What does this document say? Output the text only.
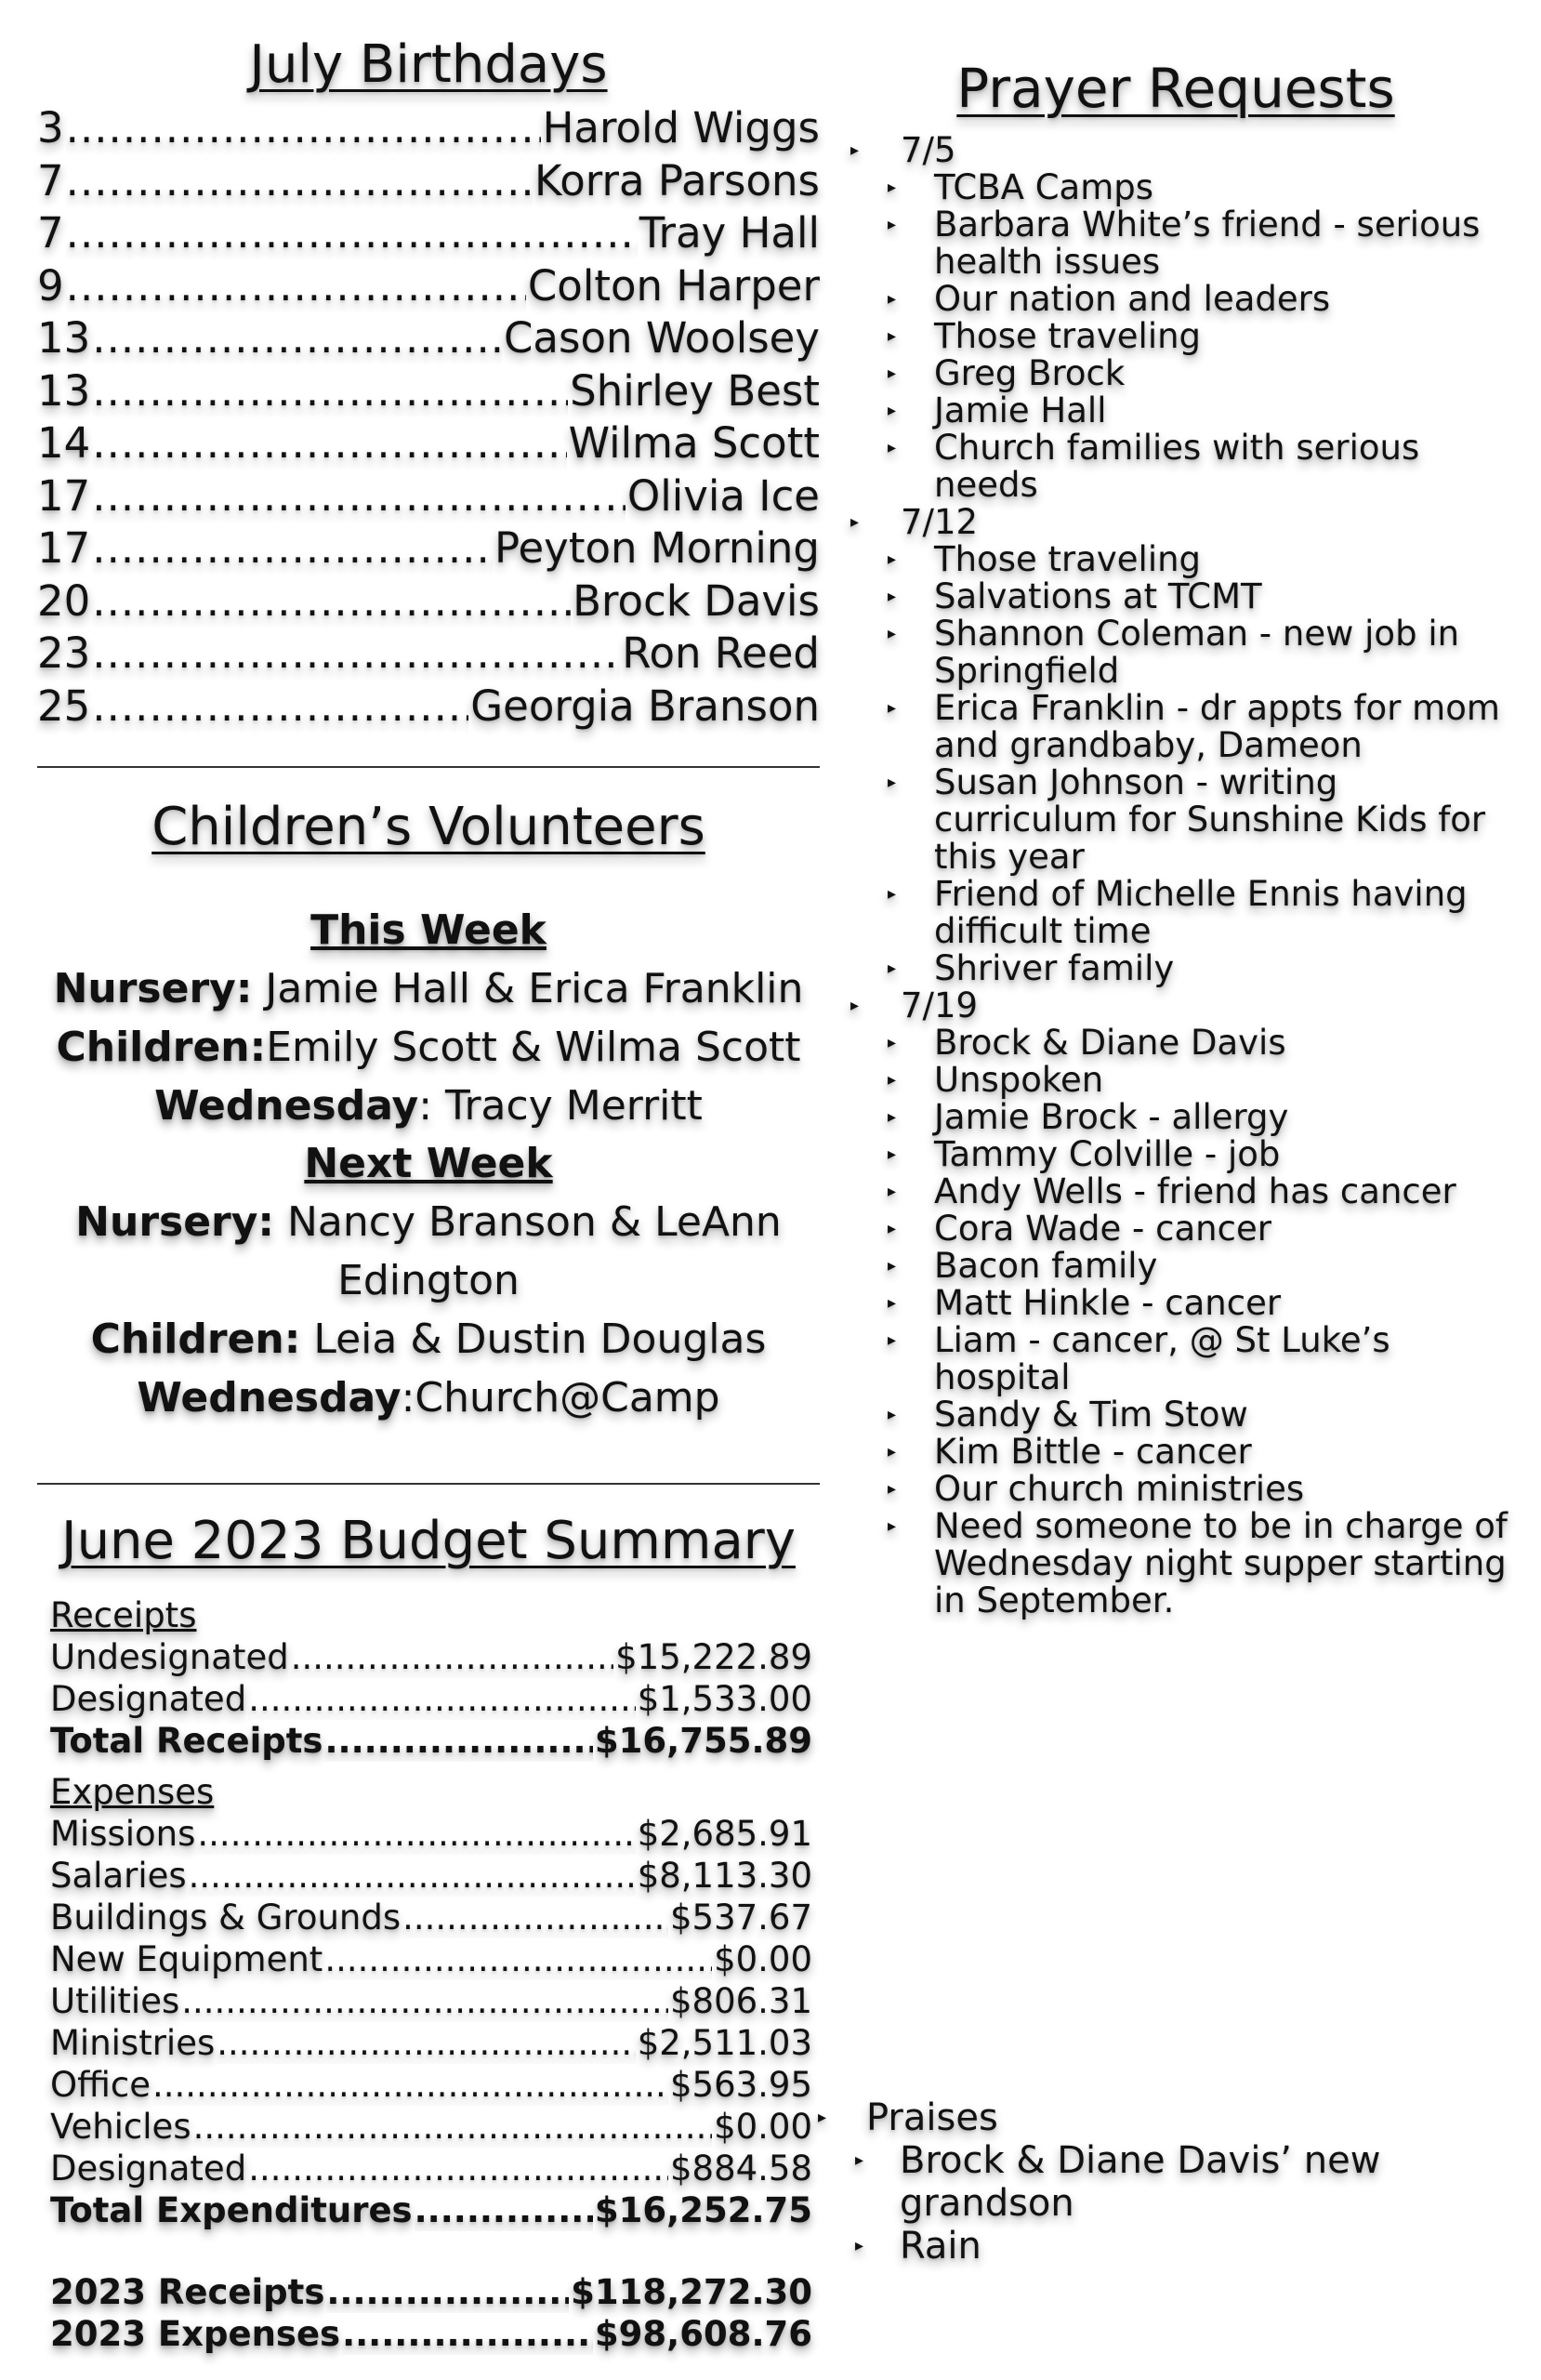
July Birthdays
3 .....	Harold Wiggs
7 .....	Korra Parsons
7 .....	Tray Hall
9 .....	Colton Harper
13 .....	Cason Woolsey
13 .....	Shirley Best
14 .....	Wilma Scott
17 .....	Olivia Ice
17 .....	Peyton Morning
20 .....	Brock Davis
23 .....	Ron Reed
25 .....	Georgia Branson
Children’s Volunteers
This Week
Nursery: Jamie Hall & Erica Franklin
Children:Emily Scott & Wilma Scott
Wednesday: Tracy Merritt
Next Week
Nursery: Nancy Branson & LeAnn
Edington
Children: Leia & Dustin Douglas
Wednesday:Church@Camp
June 2023 Budget Summary
Receipts
Undesignated .....	$15,222.89
Designated .....	$1,533.00
Total Receipts .....	$16,755.89
Expenses
Missions .....	$2,685.91
Salaries .....	$8,113.30
Buildings & Grounds .....	$537.67
New Equipment .....	$0.00
Utilities .....	$806.31
Ministries .....	$2,511.03
Office .....	$563.95
Vehicles .....	$0.00
Designated .....	$884.58
Total Expenditures .....	$16,252.75
2023 Receipts .....	$118,272.30
2023 Expenses .....	$98,608.76
Prayer Requests
▸ 7/5
▸ TCBA Camps
▸ Barbara White’s friend - serious health issues
▸ Our nation and leaders
▸ Those traveling
▸ Greg Brock
▸ Jamie Hall
▸ Church families with serious needs
▸ 7/12
▸ Those traveling
▸ Salvations at TCMT
▸ Shannon Coleman - new job in Springfield
▸ Erica Franklin - dr appts for mom and grandbaby, Dameon
▸ Susan Johnson - writing curriculum for Sunshine Kids for this year
▸ Friend of Michelle Ennis having difficult time
▸ Shriver family
▸ 7/19
▸ Brock & Diane Davis
▸ Unspoken
▸ Jamie Brock - allergy
▸ Tammy Colville - job
▸ Andy Wells - friend has cancer
▸ Cora Wade - cancer
▸ Bacon family
▸ Matt Hinkle - cancer
▸ Liam - cancer, @ St Luke’s hospital
▸ Sandy & Tim Stow
▸ Kim Bittle - cancer
▸ Our church ministries
▸ Need someone to be in charge of Wednesday night supper starting in September.
▸ Praises
▸ Brock & Diane Davis’ new grandson
▸ Rain
